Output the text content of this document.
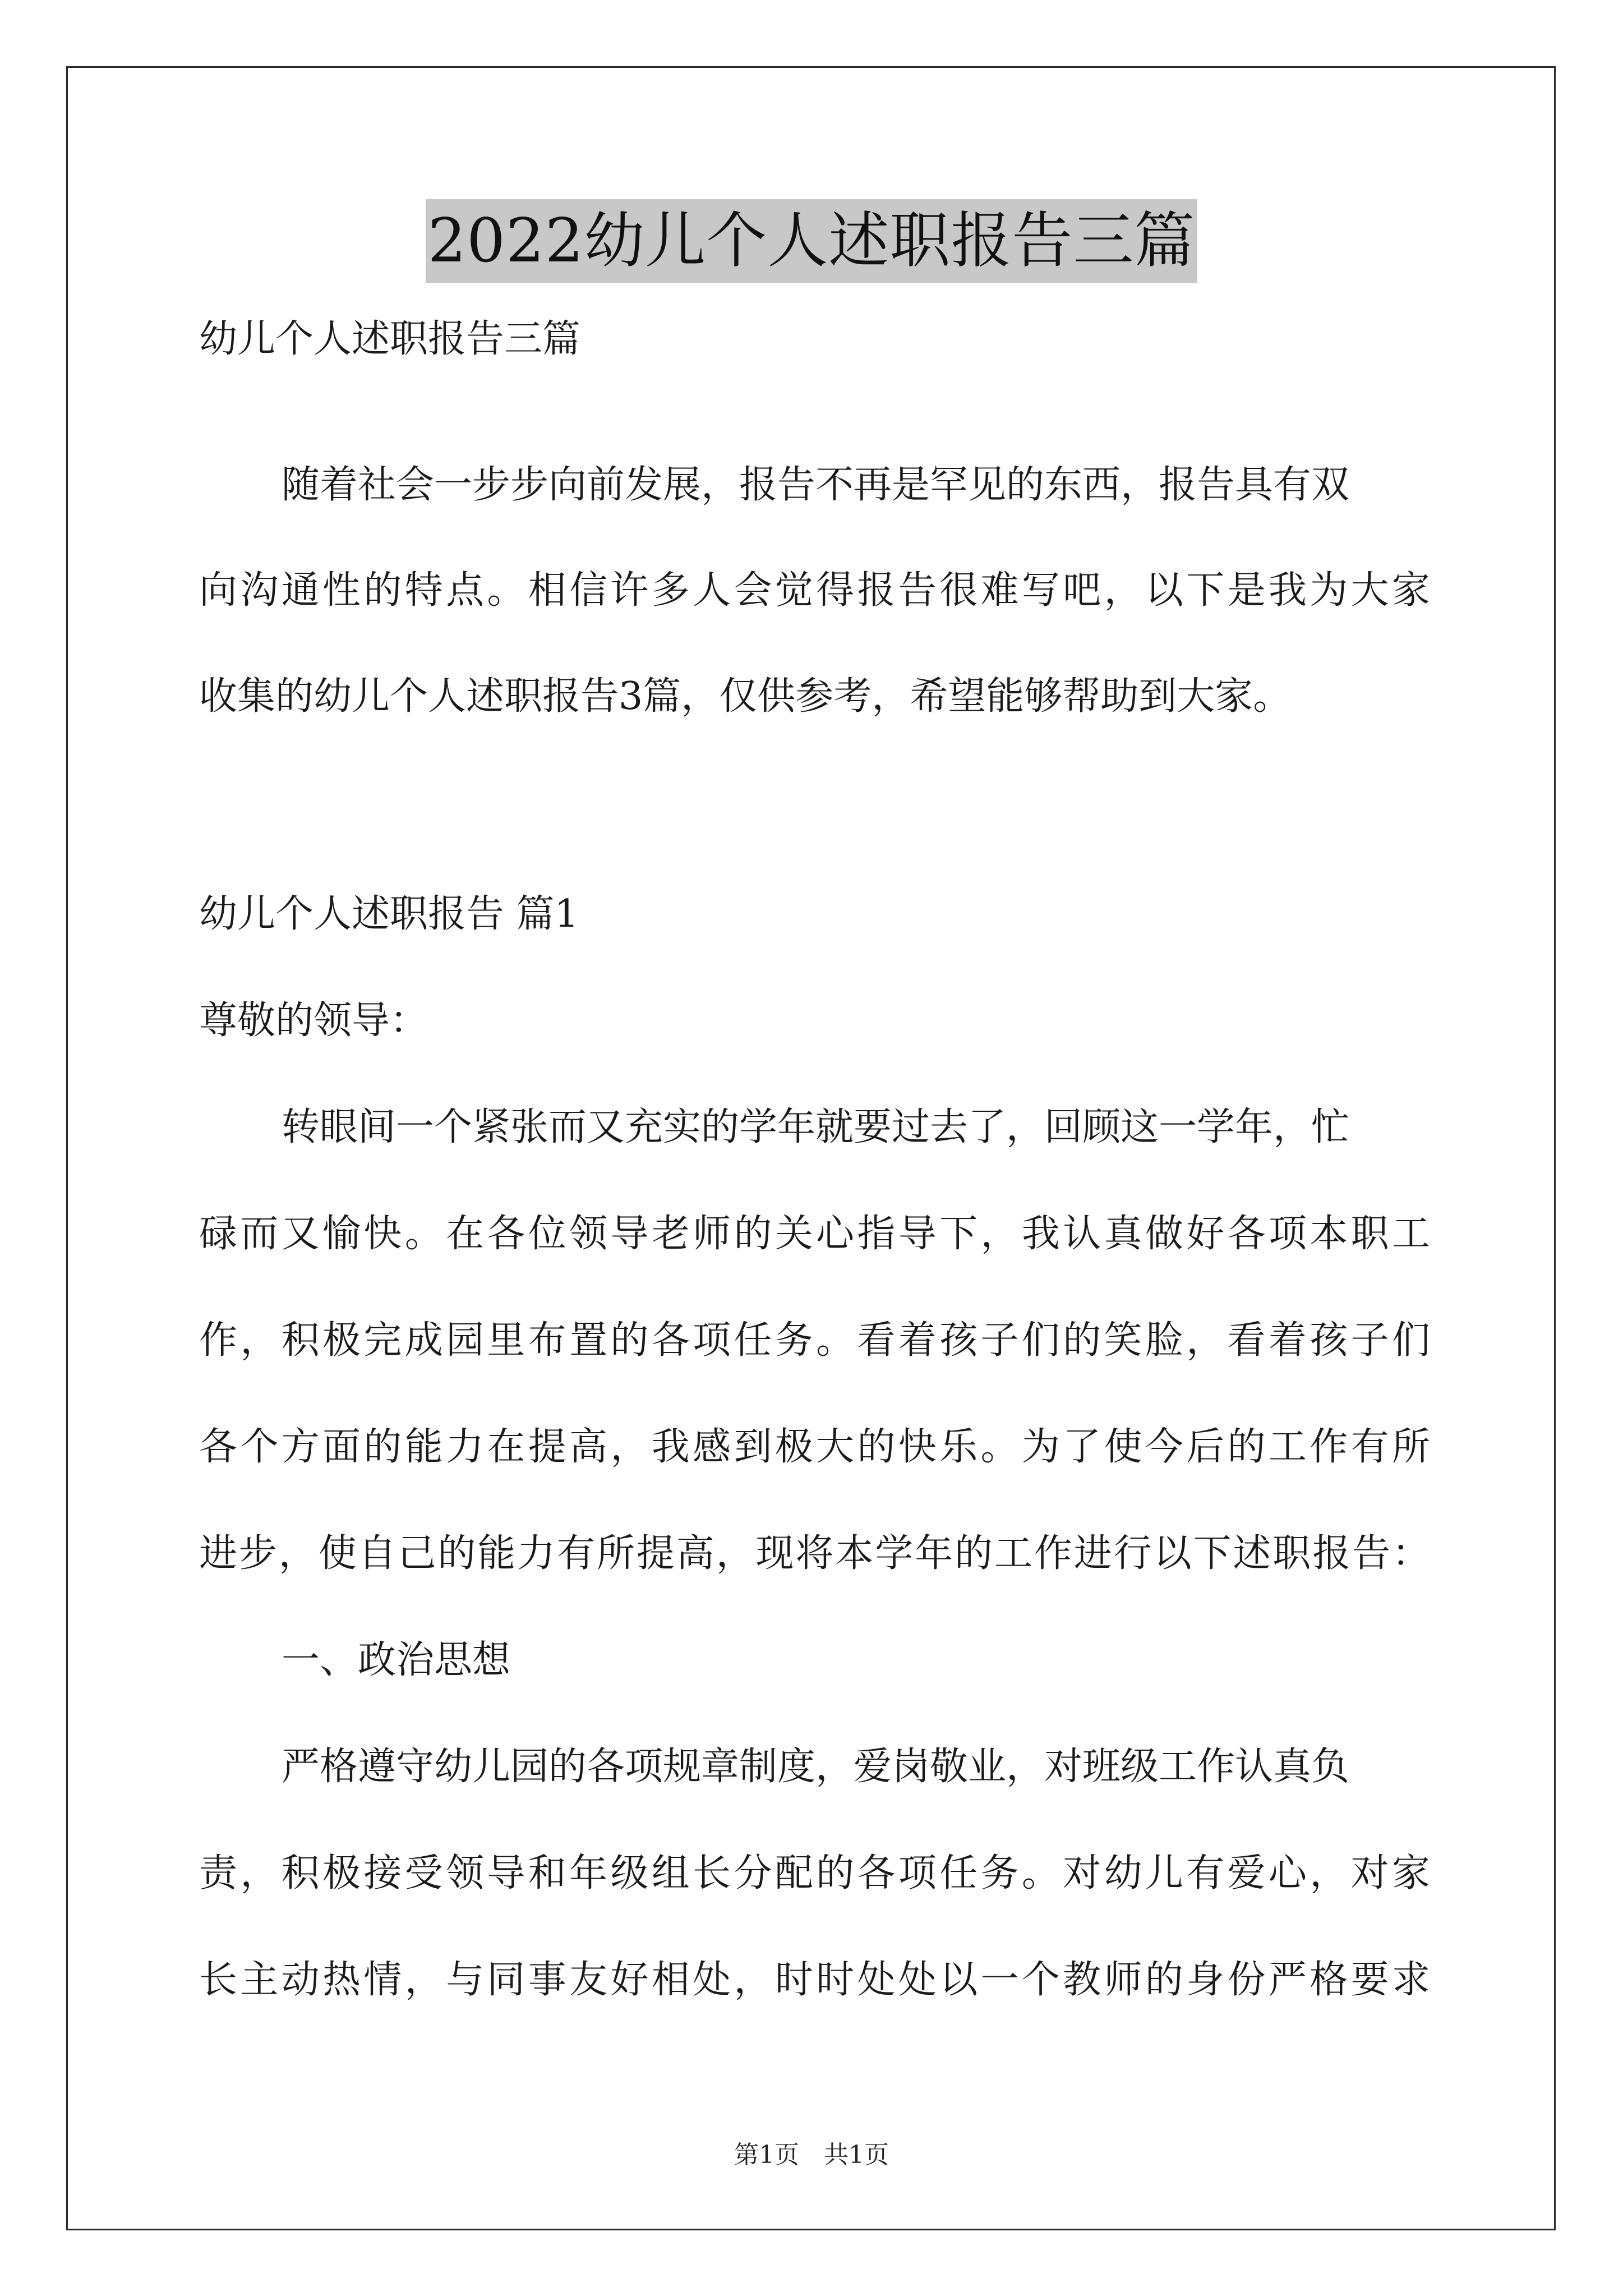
2022幼儿个人述职报告三篇
幼儿个人述职报告三篇
随着社会一步步向前发展，报告不再是罕见的东西，报告具有双
向沟通性的特点。相信许多人会觉得报告很难写吧，以下是我为大家
收集的幼儿个人述职报告3篇，仅供参考，希望能够帮助到大家。
幼儿个人述职报告 篇1
尊敬的领导：
转眼间一个紧张而又充实的学年就要过去了，回顾这一学年，忙
碌而又愉快。在各位领导老师的关心指导下，我认真做好各项本职工
作，积极完成园里布置的各项任务。看着孩子们的笑脸，看着孩子们
各个方面的能力在提高，我感到极大的快乐。为了使今后的工作有所
进步，使自己的能力有所提高，现将本学年的工作进行以下述职报告：
一、政治思想
严格遵守幼儿园的各项规章制度，爱岗敬业，对班级工作认真负
责，积极接受领导和年级组长分配的各项任务。对幼儿有爱心，对家
长主动热情，与同事友好相处，时时处处以一个教师的身份严格要求
第1页　共1页
